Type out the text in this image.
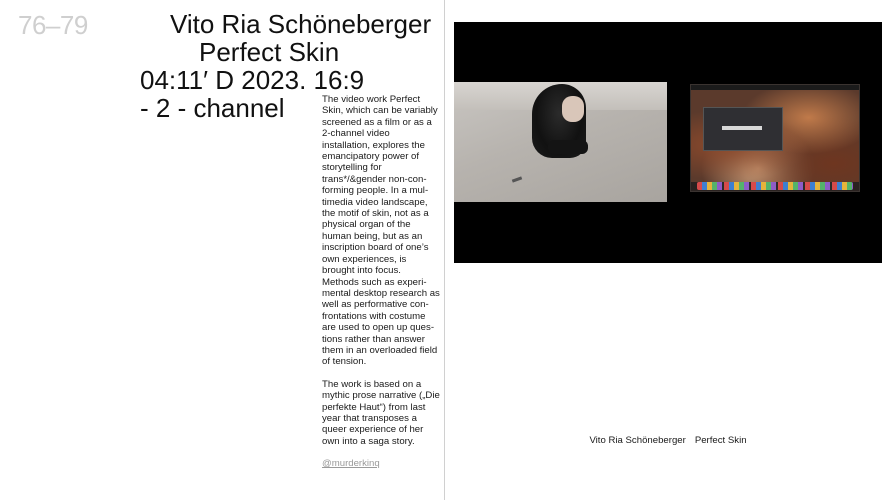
76–79	Vito Ria Schöneberger
Perfect Skin
04:11′ D 2023. 16:9 - 2 - channel	The video work Perfect Skin, which can be variably screened as a film or as a 2-channel video installation, explores the emancipatory power of storytelling for trans*/&gender non-conforming people. In a multimedia video landscape, the motif of skin, not as a physical organ of the human being, but as an inscription board of one’s own experiences, is brought into focus. Methods such as experimental desktop research as well as performative confrontations with costume are used to open up questions rather than answer them in an overloaded field of tension.

The work is based on a mythic prose narrative („Die perfekte Haut“) from last year that transposes a queer experience of her own into a saga story.

@murderkinq
Vito Ria Schöneberger Perfect Skin
